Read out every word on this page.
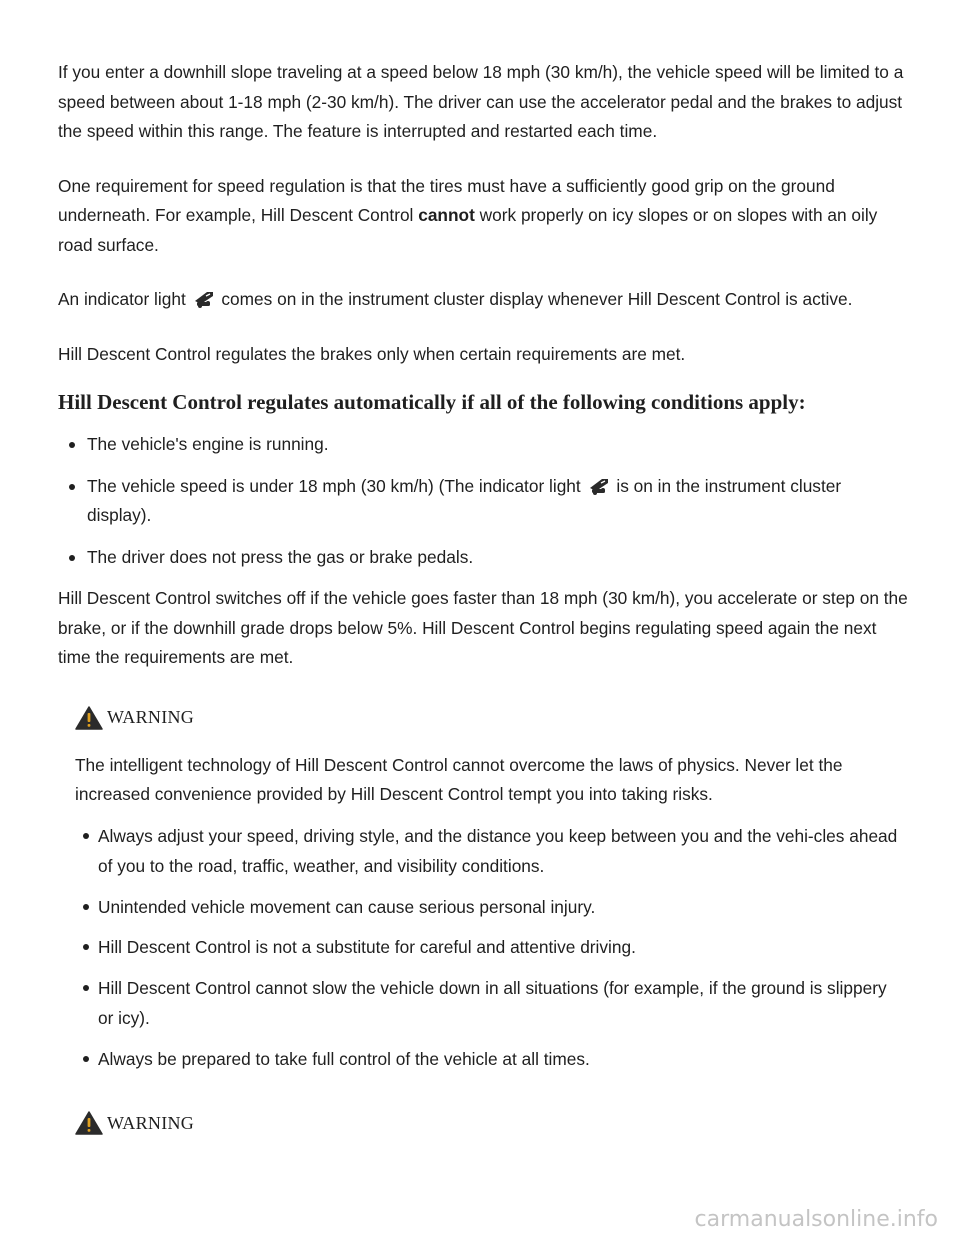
If you enter a downhill slope traveling at a speed below 18 mph (30 km/h), the vehicle speed will be limited to a speed between about 1-18 mph (2-30 km/h). The driver can use the accelerator pedal and the brakes to adjust the speed within this range. The feature is interrupted and restarted each time.

One requirement for speed regulation is that the tires must have a sufficiently good grip on the ground underneath. For example, Hill Descent Control cannot work properly on icy slopes or on slopes with an oily road surface.

An indicator light comes on in the instrument cluster display whenever Hill Descent Control is active.

Hill Descent Control regulates the brakes only when certain requirements are met.

Hill Descent Control regulates automatically if all of the following conditions apply:
The vehicle's engine is running.
The vehicle speed is under 18 mph (30 km/h) (The indicator light is on in the instrument cluster display).
The driver does not press the gas or brake pedals.

Hill Descent Control switches off if the vehicle goes faster than 18 mph (30 km/h), you accelerate or step on the brake, or if the downhill grade drops below 5%. Hill Descent Control begins regulating speed again the next time the requirements are met.

WARNING

The intelligent technology of Hill Descent Control cannot overcome the laws of physics. Never let the increased convenience provided by Hill Descent Control tempt you into taking risks.

Always adjust your speed, driving style, and the distance you keep between you and the vehi-cles ahead of you to the road, traffic, weather, and visibility conditions.
Unintended vehicle movement can cause serious personal injury.
Hill Descent Control is not a substitute for careful and attentive driving.
Hill Descent Control cannot slow the vehicle down in all situations (for example, if the ground is slippery or icy).
Always be prepared to take full control of the vehicle at all times.
WARNING
carmanualsonline.info
